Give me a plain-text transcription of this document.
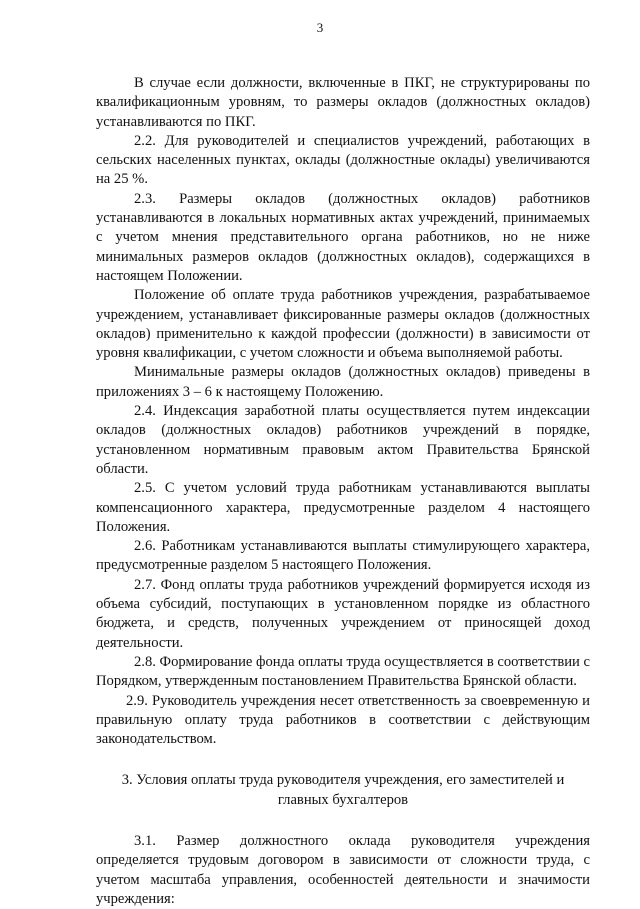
3

В случае если должности, включенные в ПКГ, не структурированы по квалификационным уровням, то размеры окладов (должностных окладов) устанавливаются по ПКГ.

2.2. Для руководителей и специалистов учреждений, работающих в сельских населенных пунктах, оклады (должностные оклады) увеличиваются на 25 %.

2.3. Размеры окладов (должностных окладов) работников устанавливаются в локальных нормативных актах учреждений, принимаемых с учетом мнения представительного органа работников, но не ниже минимальных размеров окладов (должностных окладов), содержащихся в настоящем Положении.

Положение об оплате труда работников учреждения, разрабатываемое учреждением, устанавливает фиксированные размеры окладов (должностных окладов) применительно к каждой профессии (должности) в зависимости от уровня квалификации, с учетом сложности и объема выполняемой работы.

Минимальные размеры окладов (должностных окладов) приведены в приложениях 3 – 6 к настоящему Положению.

2.4. Индексация заработной платы осуществляется путем индексации окладов (должностных окладов) работников учреждений в порядке, установленном нормативным правовым актом Правительства Брянской области.

2.5. С учетом условий труда работникам устанавливаются выплаты компенсационного характера, предусмотренные разделом 4 настоящего Положения.

2.6. Работникам устанавливаются выплаты стимулирующего характера, предусмотренные разделом 5 настоящего Положения.

2.7. Фонд оплаты труда работников учреждений формируется исходя из объема субсидий, поступающих в установленном порядке из областного бюджета, и средств, полученных учреждением от приносящей доход деятельности.

2.8. Формирование фонда оплаты труда осуществляется в соответствии с Порядком, утвержденным постановлением Правительства Брянской области.

2.9. Руководитель учреждения несет ответственность за своевременную и правильную оплату труда работников в соответствии с действующим законодательством.

3. Условия оплаты труда руководителя учреждения, его заместителей и главных бухгалтеров

3.1. Размер должностного оклада руководителя учреждения определяется трудовым договором в зависимости от сложности труда, с учетом масштаба управления, особенностей деятельности и значимости учреждения:
